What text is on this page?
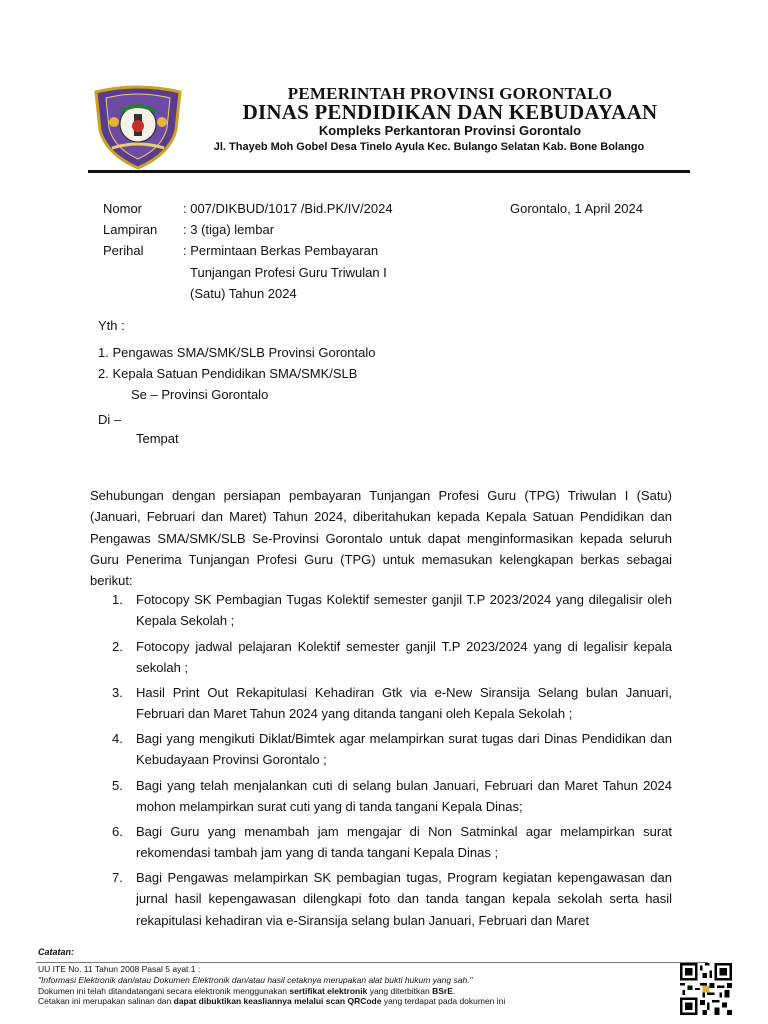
PEMERINTAH PROVINSI GORONTALO
DINAS PENDIDIKAN DAN KEBUDAYAAN
Kompleks Perkantoran Provinsi Gorontalo
Jl. Thayeb Moh Gobel Desa Tinelo Ayula Kec. Bulango Selatan Kab. Bone Bolango
Nomor	: 007/DIKBUD/1017 /Bid.PK/IV/2024	Gorontalo, 1 April 2024
Lampiran : 3 (tiga) lembar
Perihal	: Permintaan Berkas Pembayaran
Tunjangan Profesi Guru Triwulan I
(Satu) Tahun 2024
Yth :
1. Pengawas SMA/SMK/SLB Provinsi Gorontalo
2. Kepala Satuan Pendidikan SMA/SMK/SLB
Se – Provinsi Gorontalo
Di –
Tempat
Sehubungan dengan persiapan pembayaran Tunjangan Profesi Guru (TPG) Triwulan I (Satu) (Januari, Februari dan Maret) Tahun 2024, diberitahukan kepada Kepala Satuan Pendidikan dan Pengawas SMA/SMK/SLB Se-Provinsi Gorontalo untuk dapat menginformasikan kepada seluruh Guru Penerima Tunjangan Profesi Guru (TPG) untuk memasukan kelengkapan berkas sebagai berikut:
1. Fotocopy SK Pembagian Tugas Kolektif semester ganjil T.P 2023/2024 yang dilegalisir oleh Kepala Sekolah ;
2. Fotocopy jadwal pelajaran Kolektif semester ganjil T.P 2023/2024 yang di legalisir kepala sekolah ;
3. Hasil Print Out Rekapitulasi Kehadiran Gtk via e-New Siransija Selang bulan Januari, Februari dan Maret Tahun 2024 yang ditanda tangani oleh Kepala Sekolah ;
4. Bagi yang mengikuti Diklat/Bimtek agar melampirkan surat tugas dari Dinas Pendidikan dan Kebudayaan Provinsi Gorontalo ;
5. Bagi yang telah menjalankan cuti di selang bulan Januari, Februari dan Maret Tahun 2024 mohon melampirkan surat cuti yang di tanda tangani Kepala Dinas;
6. Bagi Guru yang menambah jam mengajar di Non Satminkal agar melampirkan surat rekomendasi tambah jam yang di tanda tangani Kepala Dinas ;
7. Bagi Pengawas melampirkan SK pembagian tugas, Program kegiatan kepengawasan dan jurnal hasil kepengawasan dilengkapi foto dan tanda tangan kepala sekolah serta hasil rekapitulasi kehadiran via e-Siransija selang bulan Januari, Februari dan Maret
Catatan:
UU ITE No. 11 Tahun 2008 Pasal 5 ayat 1 :
"Informasi Elektronik dan/atau Dokumen Elektronik dan/atau hasil cetaknya merupakan alat bukti hukum yang sah."
Dokumen ini telah ditandatangani secara elektronik menggunakan sertifikat elektronik yang diterbitkan BSrE.
Cetakan ini merupakan salinan dan dapat dibuktikan keasliannya melalui scan QRCode yang terdapat pada dokumen ini
